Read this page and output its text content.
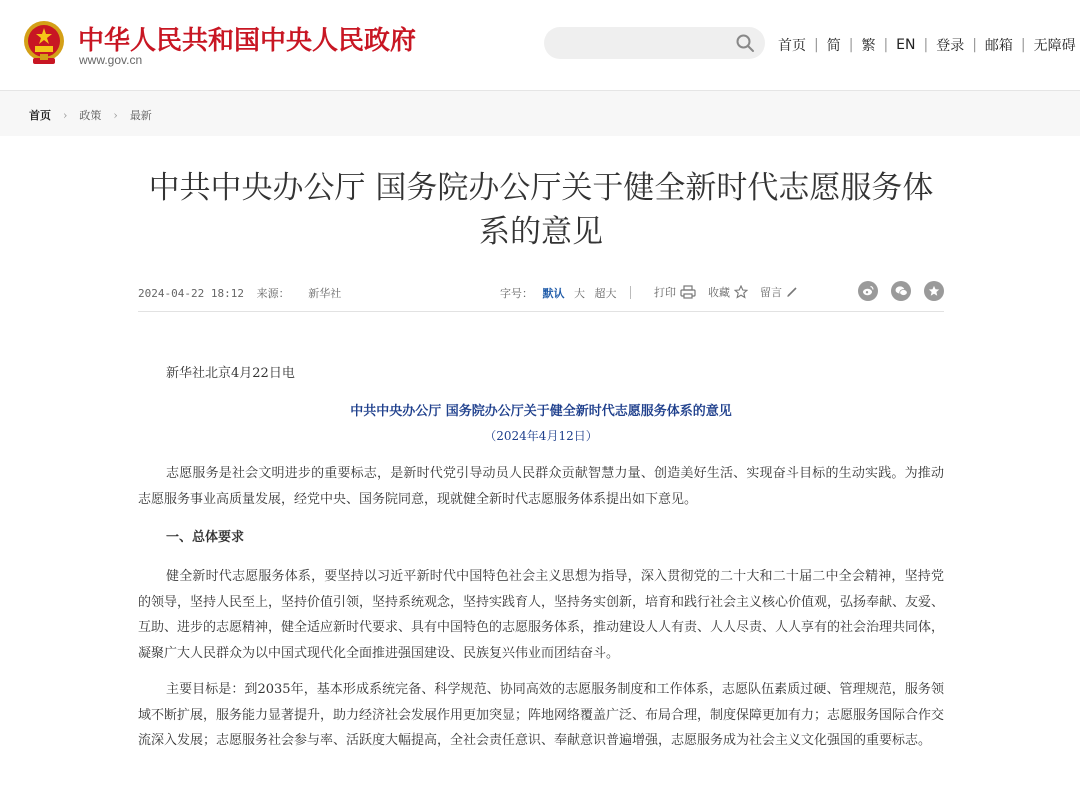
中华人民共和国中央人民政府
www.gov.cn
首页 | 简 | 繁 | EN | 登录 | 邮箱 | 无障碍
首页 › 政策 › 最新
中共中央办公厅 国务院办公厅关于健全新时代志愿服务体系的意见
2024-04-22 18:12 来源： 新华社	字号： 默认 大 超大	打印	收藏	留言
新华社北京4月22日电
中共中央办公厅 国务院办公厅关于健全新时代志愿服务体系的意见
（2024年4月12日）

志愿服务是社会文明进步的重要标志，是新时代党引导动员人民群众贡献智慧力量、创造美好生活、实现奋斗目标的生动实践。为推动志愿服务事业高质量发展，经党中央、国务院同意，现就健全新时代志愿服务体系提出如下意见。

一、总体要求

健全新时代志愿服务体系，要坚持以习近平新时代中国特色社会主义思想为指导，深入贯彻党的二十大和二十届二中全会精神，坚持党的领导，坚持人民至上，坚持价值引领，坚持系统观念，坚持实践育人，坚持务实创新，培育和践行社会主义核心价值观，弘扬奉献、友爱、互助、进步的志愿精神，健全适应新时代要求、具有中国特色的志愿服务体系，推动建设人人有责、人人尽责、人人享有的社会治理共同体，凝聚广大人民群众为以中国式现代化全面推进强国建设、民族复兴伟业而团结奋斗。

主要目标是：到2035年，基本形成系统完备、科学规范、协同高效的志愿服务制度和工作体系，志愿队伍素质过硬、管理规范，服务领域不断扩展，服务能力显著提升，助力经济社会发展作用更加突显；阵地网络覆盖广泛、布局合理，制度保障更加有力；志愿服务国际合作交流深入发展；志愿服务社会参与率、活跃度大幅提高，全社会责任意识、奉献意识普遍增强，志愿服务成为社会主义文化强国的重要标志。
